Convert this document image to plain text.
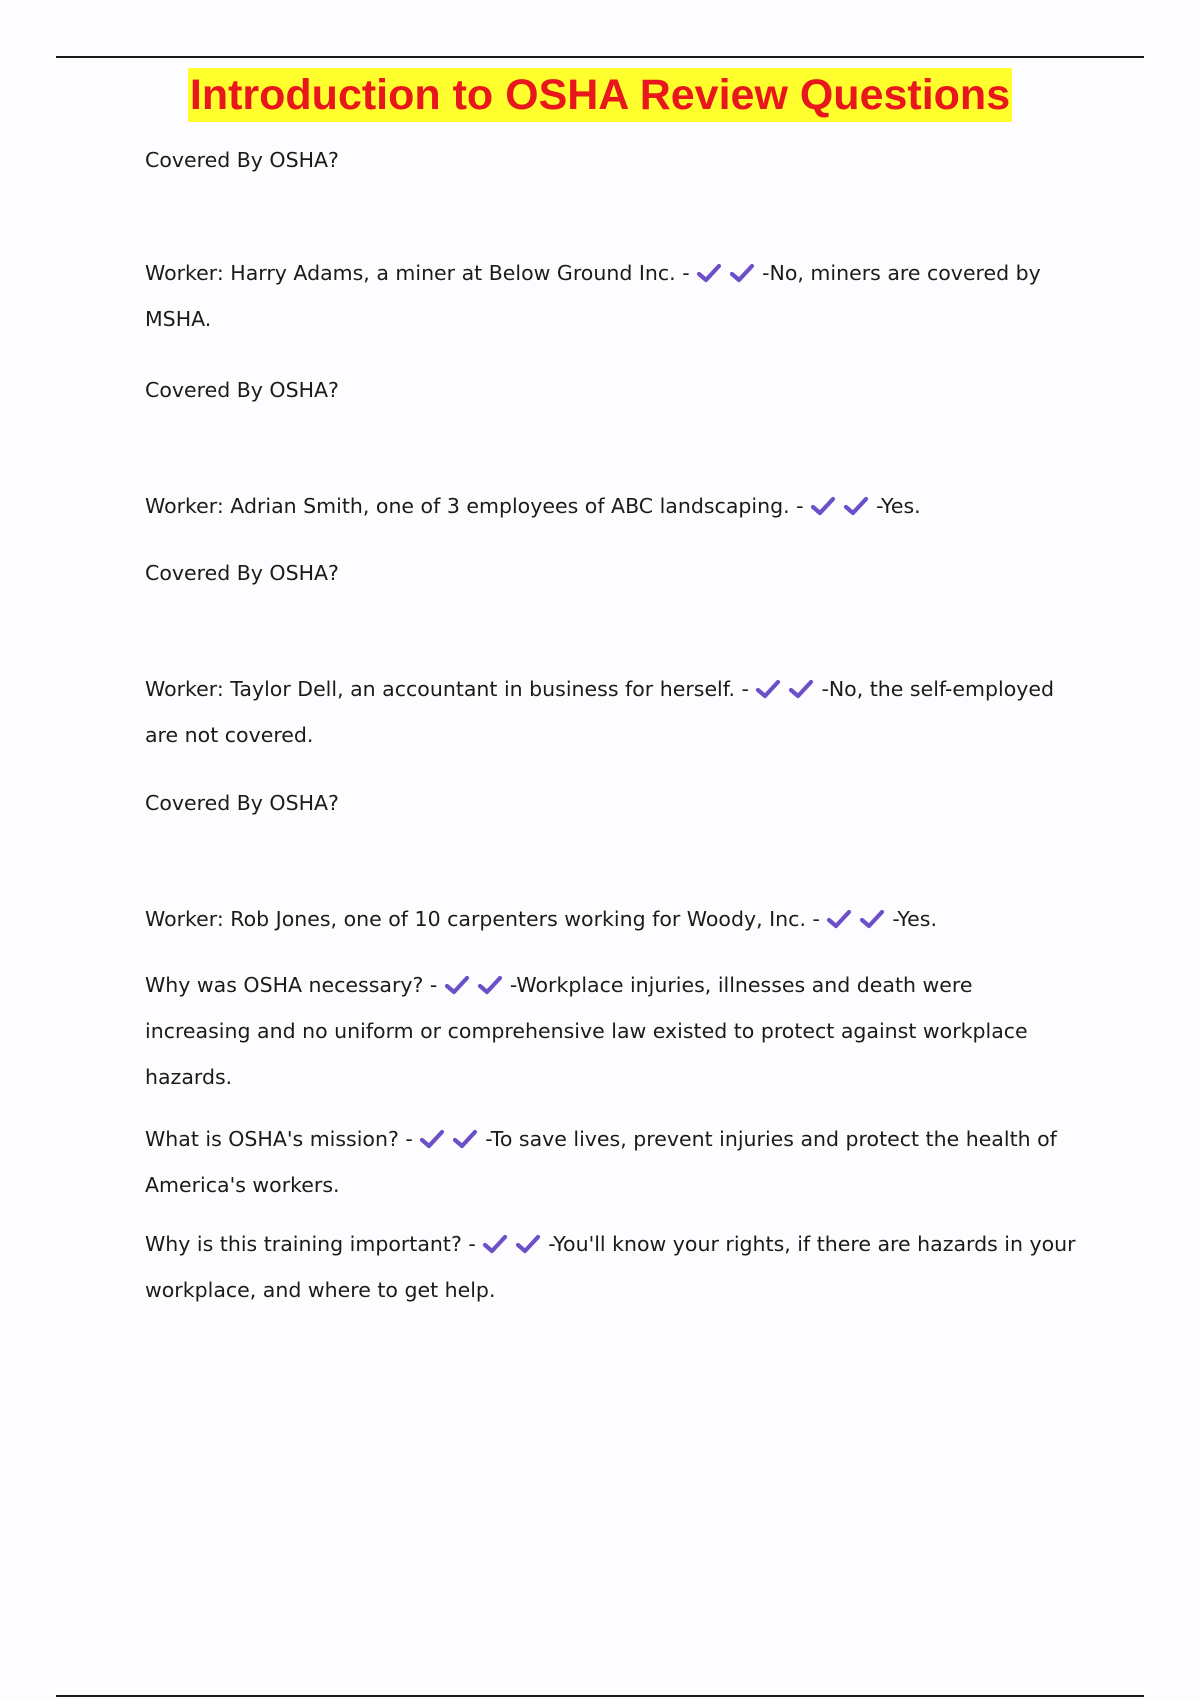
Introduction to OSHA Review Questions

Covered By OSHA?

Worker: Harry Adams, a miner at Below Ground Inc. -	-No, miners are covered by MSHA.

Covered By OSHA?

Worker: Adrian Smith, one of 3 employees of ABC landscaping. -	-Yes.

Covered By OSHA?

Worker: Taylor Dell, an accountant in business for herself. -	-No, the self-employed are not covered.

Covered By OSHA?

Worker: Rob Jones, one of 10 carpenters working for Woody, Inc. -	-Yes.

Why was OSHA necessary? -	-Workplace injuries, illnesses and death were increasing and no uniform or comprehensive law existed to protect against workplace hazards.

What is OSHA's mission? -	-To save lives, prevent injuries and protect the health of America's workers.

Why is this training important? -	-You'll know your rights, if there are hazards in your workplace, and where to get help.
